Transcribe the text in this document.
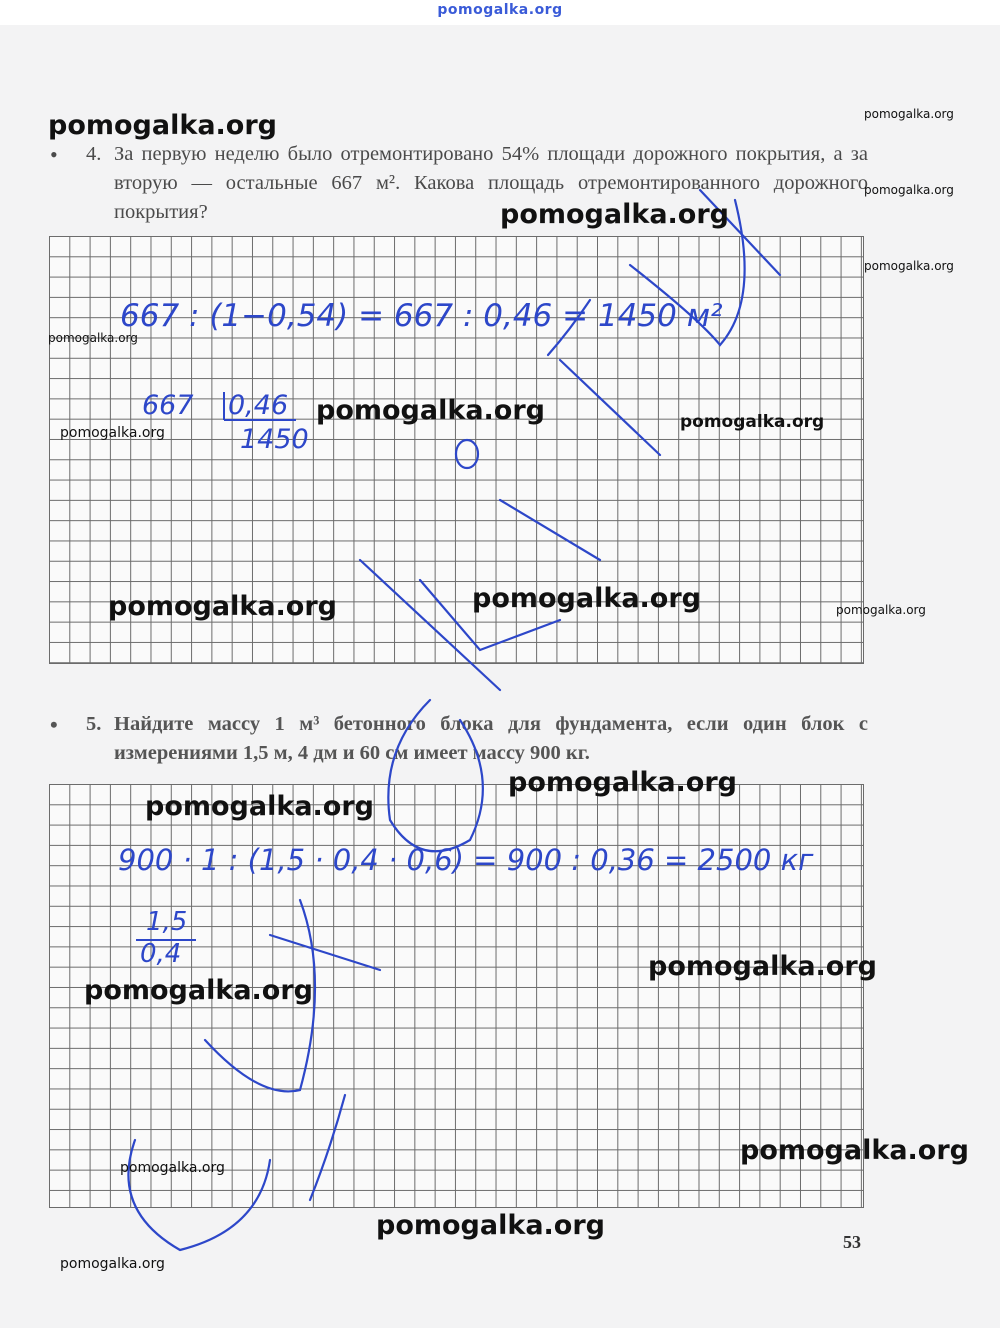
pomogalka.org
• 4. За первую неделю было отремонтировано 54% площади дорожного покрытия, а за вторую — остальные 667 м². Какова площадь отремонтированного дорожного покрытия?
• 5. Найдите массу 1 м³ бетонного блока для фундамента, если один блок с измерениями 1,5 м, 4 дм и 60 см имеет массу 900 кг.
667 : (1−0,54) = 667 : 0,46 = 1450 м²
667 0,46
1450
900 · 1 : (1,5 · 0,4 · 0,6) = 900 : 0,36 = 2500 кг
1,5
0,4
pomogalka.org	pomogalka.org
pomogalka.org
pomogalka.org
pomogalka.org
pomogalka.org
pomogalka.org	pomogalka.org
pomogalka.org
pomogalka.org
pomogalka.org	pomogalka.org
pomogalka.org
pomogalka.org
pomogalka.org
pomogalka.org
pomogalka.org
pomogalka.org
pomogalka.org
pomogalka.org
53
